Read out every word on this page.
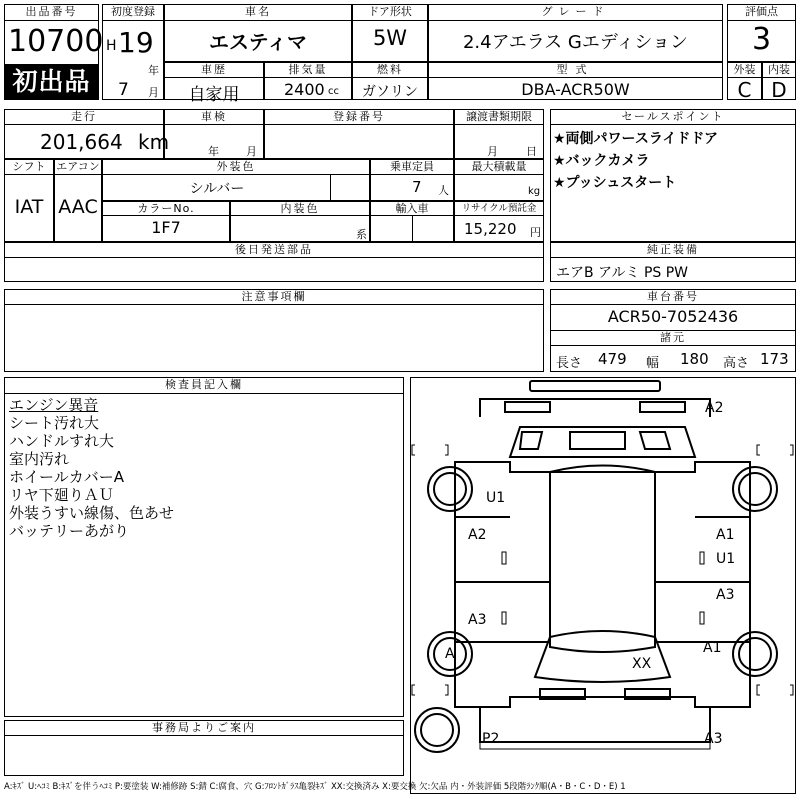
出品番号
10700
初出品
初度登録
H 19
年
7 月
車名
エスティマ
ドア形状
5W
グレード
2.4アエラス Gエディション
評価点
3
車歴
自家用
排気量
2400 cc
燃料
ガソリン
型式
DBA-ACR50W
外装
C
内装
D
走行
201,664 km
車検
年 月
登録番号	譲渡書類期限
月	日
シフト
IAT
エアコン
AAC
外装色
シルバー
乗車定員
7 人
最大積載量
kg
カラーNo.
1F7
内装色
系
輸入車	リサイクル預託金
15,220 円
セールスポイント
★両側パワースライドドア
★バックカメラ
★プッシュスタート
後日発送部品	純正装備
エアB アルミ PS PW
注意事項欄	車台番号
ACR50-7052436
諸元
長さ 479 幅 180 高さ 173
検査員記入欄
エンジン異音
シート汚れ大
ハンドルすれ大
室内汚れ
ホイールカバーA
リヤ下廻りＡＵ
外装うすい線傷、色あせ
バッテリーあがり
A2
U1
A2	A1
U1
A3
A3
A	A1
XX
P2	A3
事務局よりご案内
A:ｷｽﾞ U:ﾍｺﾐ B:ｷｽﾞを伴うﾍｺﾐ P:要塗装 W:補修跡 S:錆 C:腐食、穴 G:ﾌﾛﾝﾄｶﾞﾗｽ亀裂ｷｽﾞ XX:交換済み X:要交換 欠:欠品 内・外装評価 5段階ﾗﾝｸ順(A・B・C・D・E) 1
